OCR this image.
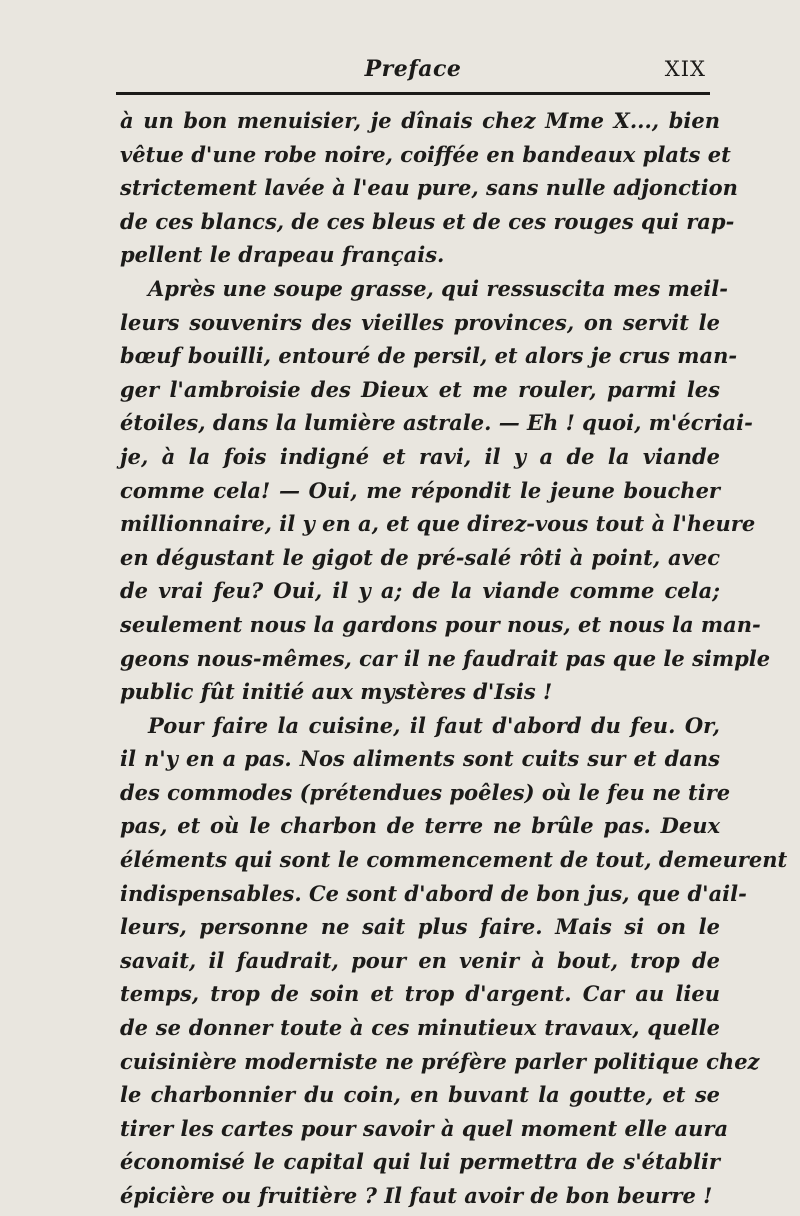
Preface	XIX
à un bon menuisier, je dînais chez Mme X..., bien
vêtue d'une robe noire, coiffée en bandeaux plats et
strictement lavée à l'eau pure, sans nulle adjonction
de ces blancs, de ces bleus et de ces rouges qui rap-
pellent le drapeau français.
Après une soupe grasse, qui ressuscita mes meil-
leurs souvenirs des vieilles provinces, on servit le
bœuf bouilli, entouré de persil, et alors je crus man-
ger l'ambroisie des Dieux et me rouler, parmi les
étoiles, dans la lumière astrale. — Eh ! quoi, m'écriai-
je, à la fois indigné et ravi, il y a de la viande
comme cela! — Oui, me répondit le jeune boucher
millionnaire, il y en a, et que direz-vous tout à l'heure
en dégustant le gigot de pré-salé rôti à point, avec
de vrai feu? Oui, il y a; de la viande comme cela;
seulement nous la gardons pour nous, et nous la man-
geons nous-mêmes, car il ne faudrait pas que le simple
public fût initié aux mystères d'Isis !
Pour faire la cuisine, il faut d'abord du feu. Or,
il n'y en a pas. Nos aliments sont cuits sur et dans
des commodes (prétendues poêles) où le feu ne tire
pas, et où le charbon de terre ne brûle pas. Deux
éléments qui sont le commencement de tout, demeurent
indispensables. Ce sont d'abord de bon jus, que d'ail-
leurs, personne ne sait plus faire. Mais si on le
savait, il faudrait, pour en venir à bout, trop de
temps, trop de soin et trop d'argent. Car au lieu
de se donner toute à ces minutieux travaux, quelle
cuisinière moderniste ne préfère parler politique chez
le charbonnier du coin, en buvant la goutte, et se
tirer les cartes pour savoir à quel moment elle aura
économisé le capital qui lui permettra de s'établir
épicière ou fruitière ? Il faut avoir de bon beurre !
